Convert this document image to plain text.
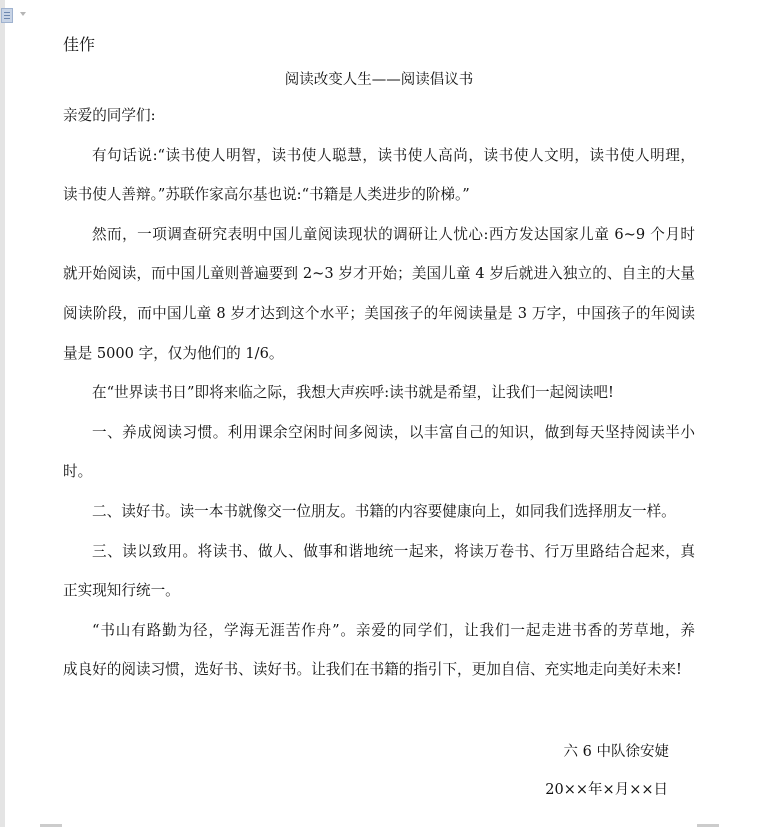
佳作
阅读改变人生——阅读倡议书
亲爱的同学们:
有句话说:“读书使人明智，读书使人聪慧，读书使人高尚，读书使人文明，读书使人明理，
读书使人善辩。”苏联作家高尔基也说:“书籍是人类进步的阶梯。”
然而，一项调查研究表明中国儿童阅读现状的调研让人忧心:西方发达国家儿童 6~9 个月时
就开始阅读，而中国儿童则普遍要到 2~3 岁才开始；美国儿童 4 岁后就进入独立的、自主的大量
阅读阶段，而中国儿童 8 岁才达到这个水平；美国孩子的年阅读量是 3 万字，中国孩子的年阅读
量是 5000 字，仅为他们的 1/6。
在“世界读书日”即将来临之际，我想大声疾呼:读书就是希望，让我们一起阅读吧!
一、养成阅读习惯。利用课余空闲时间多阅读，以丰富自己的知识，做到每天坚持阅读半小
时。
二、读好书。读一本书就像交一位朋友。书籍的内容要健康向上，如同我们选择朋友一样。
三、读以致用。将读书、做人、做事和谐地统一起来，将读万卷书、行万里路结合起来，真
正实现知行统一。
“书山有路勤为径，学海无涯苦作舟”。亲爱的同学们，让我们一起走进书香的芳草地，养
成良好的阅读习惯，选好书、读好书。让我们在书籍的指引下，更加自信、充实地走向美好未来!
六 6 中队徐安婕
20××年×月××日
